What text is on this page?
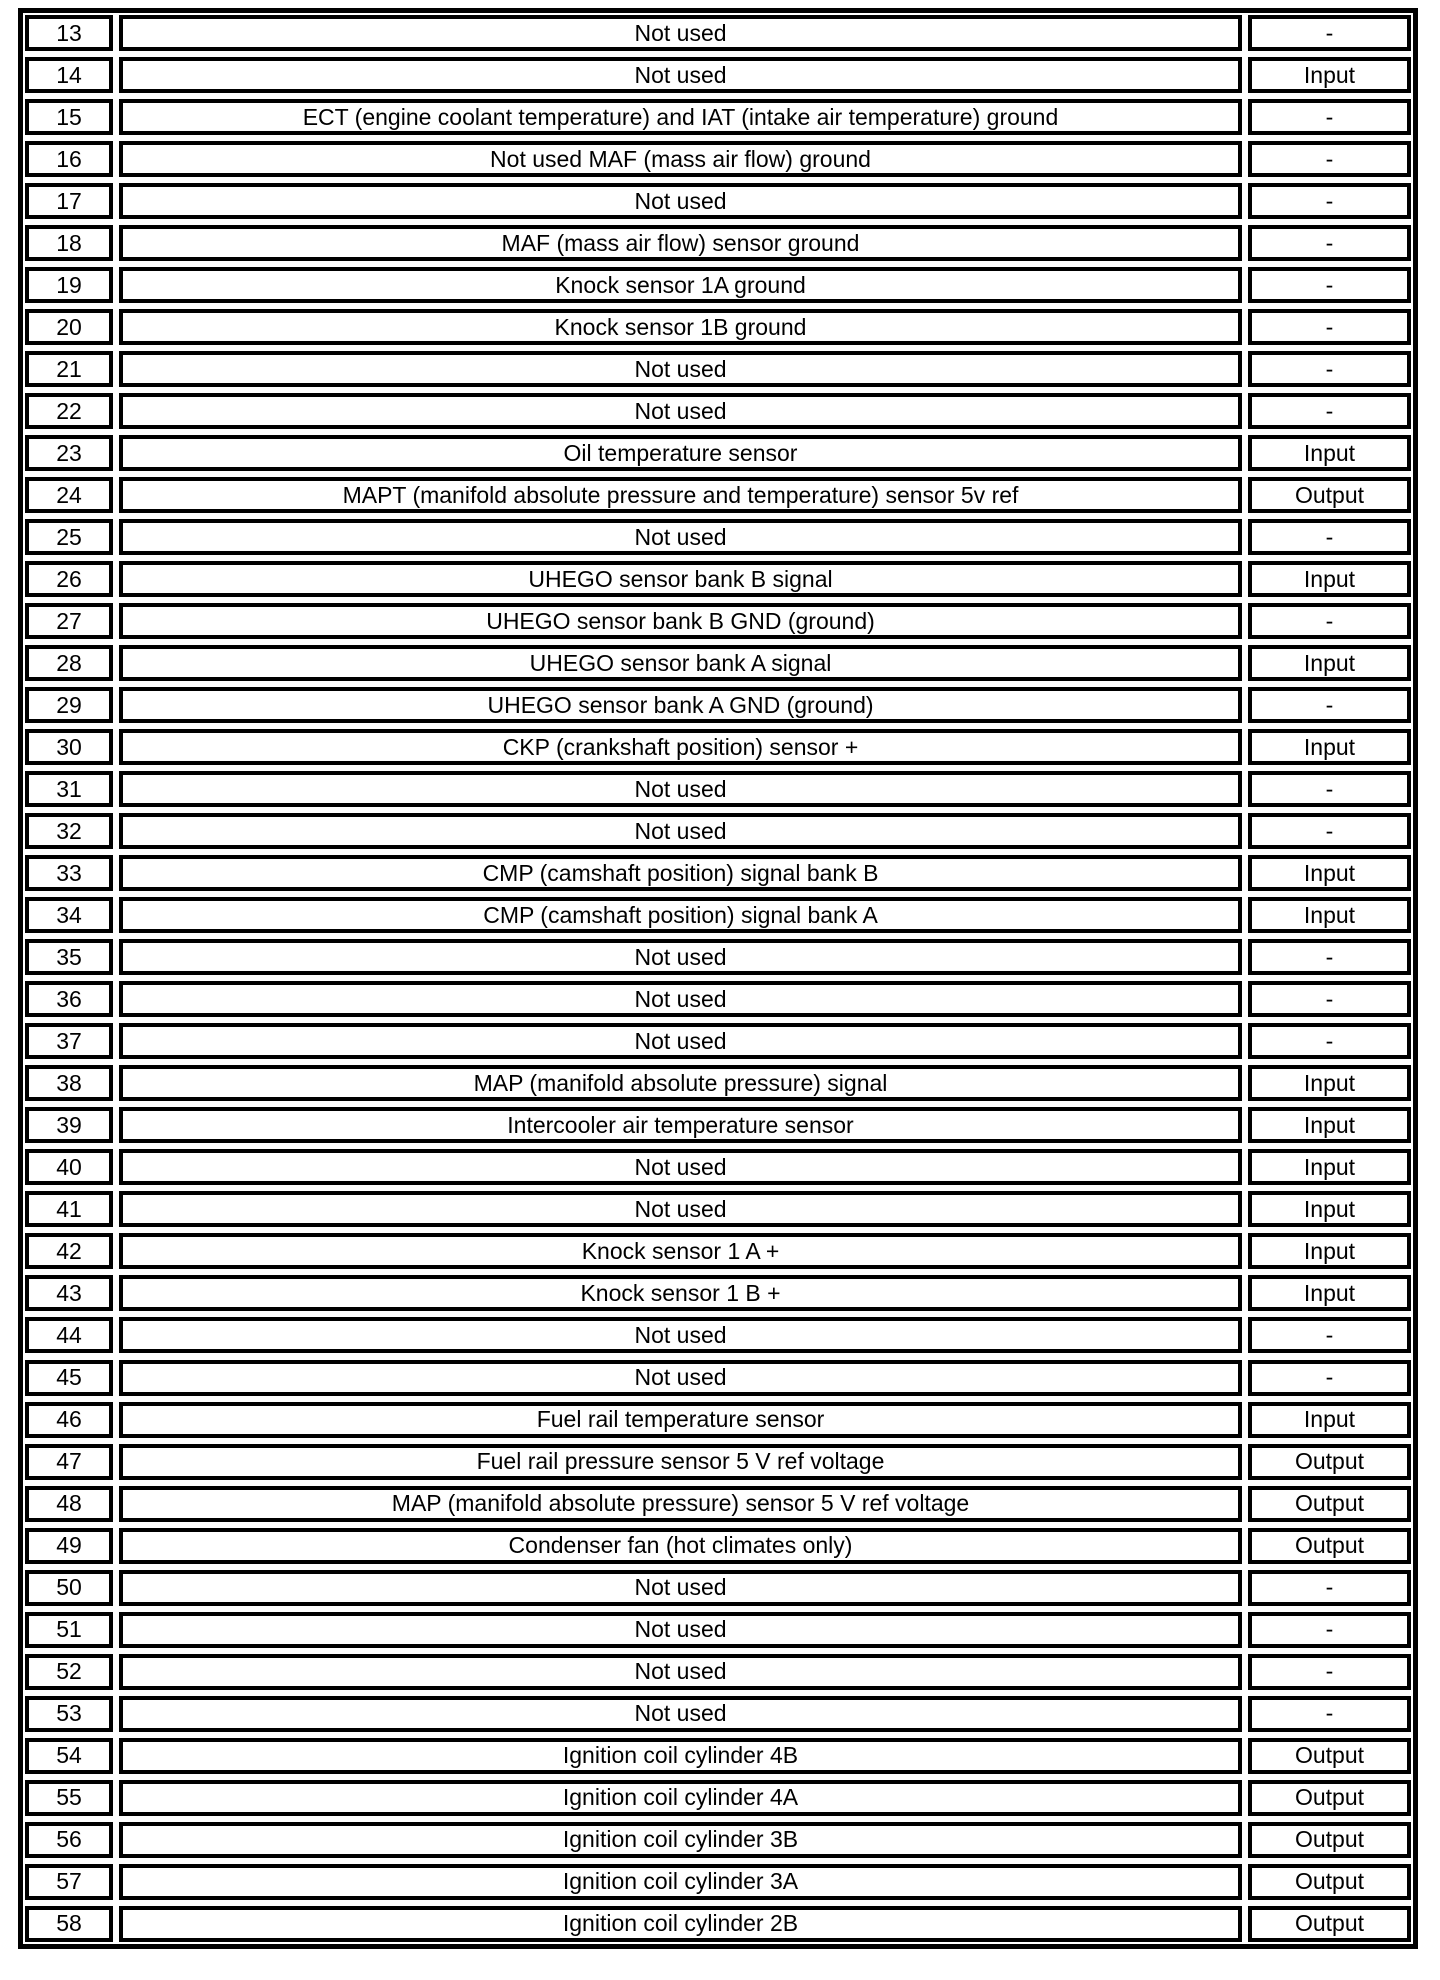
13	Not used	-
14	Not used	Input
15	ECT (engine coolant temperature) and IAT (intake air temperature) ground	-
16	Not used MAF (mass air flow) ground	-
17	Not used	-
18	MAF (mass air flow) sensor ground	-
19	Knock sensor 1A ground	-
20	Knock sensor 1B ground	-
21	Not used	-
22	Not used	-
23	Oil temperature sensor	Input
24	MAPT (manifold absolute pressure and temperature) sensor 5v ref	Output
25	Not used	-
26	UHEGO sensor bank B signal	Input
27	UHEGO sensor bank B GND (ground)	-
28	UHEGO sensor bank A signal	Input
29	UHEGO sensor bank A GND (ground)	-
30	CKP (crankshaft position) sensor +	Input
31	Not used	-
32	Not used	-
33	CMP (camshaft position) signal bank B	Input
34	CMP (camshaft position) signal bank A	Input
35	Not used	-
36	Not used	-
37	Not used	-
38	MAP (manifold absolute pressure) signal	Input
39	Intercooler air temperature sensor	Input
40	Not used	Input
41	Not used	Input
42	Knock sensor 1 A +	Input
43	Knock sensor 1 B +	Input
44	Not used	-
45	Not used	-
46	Fuel rail temperature sensor	Input
47	Fuel rail pressure sensor 5 V ref voltage	Output
48	MAP (manifold absolute pressure) sensor 5 V ref voltage	Output
49	Condenser fan (hot climates only)	Output
50	Not used	-
51	Not used	-
52	Not used	-
53	Not used	-
54	Ignition coil cylinder 4B	Output
55	Ignition coil cylinder 4A	Output
56	Ignition coil cylinder 3B	Output
57	Ignition coil cylinder 3A	Output
58	Ignition coil cylinder 2B	Output
